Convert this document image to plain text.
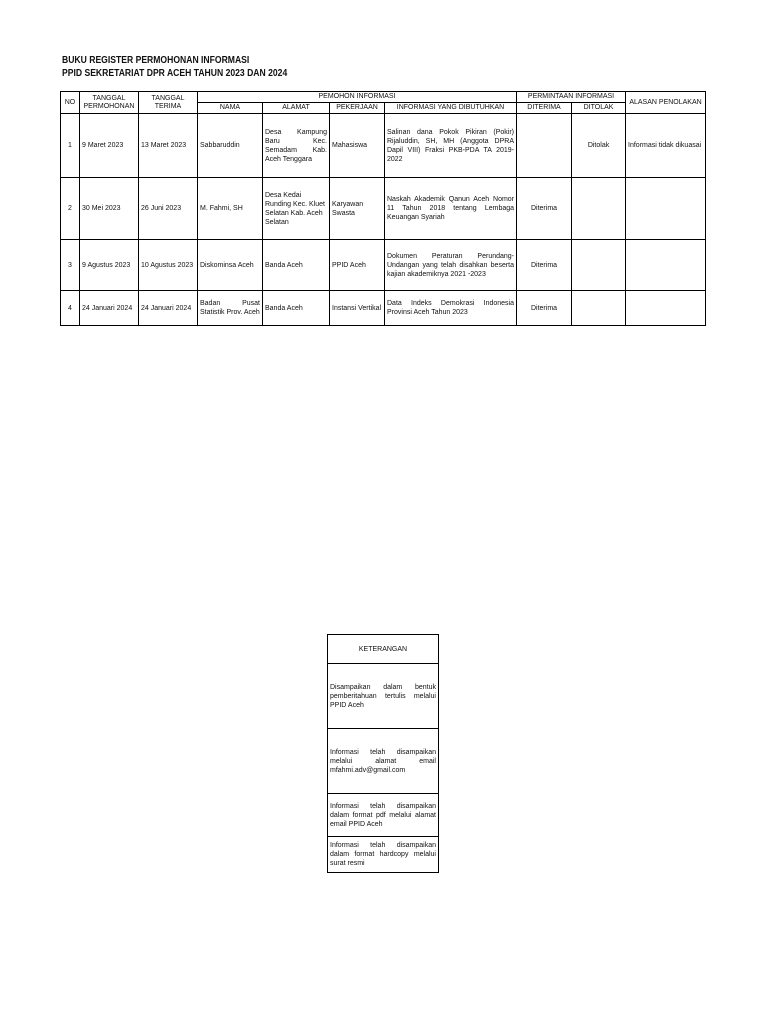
BUKU REGISTER PERMOHONAN INFORMASI
PPID SEKRETARIAT DPR ACEH TAHUN 2023 DAN 2024
NO	TANGGAL PERMOHONAN	TANGGAL TERIMA	PEMOHON INFORMASI				PERMINTAAN INFORMASI		ALASAN PENOLAKAN
			NAMA	ALAMAT	PEKERJAAN	INFORMASI YANG DIBUTUHKAN	DITERIMA	DITOLAK	
1	9 Maret 2023	13 Maret 2023	Sabbaruddin	Desa Kampung Baru Kec. Semadam Kab. Aceh Tenggara	Mahasiswa	Salinan dana Pokok Pikiran (Pokir) Rijaluddin, SH, MH (Anggota DPRA Dapil VIII) Fraksi PKB-PDA TA 2019-2022		Ditolak	Informasi tidak dikuasai
2	30 Mei 2023	26 Juni 2023	M. Fahmi, SH	Desa Kedai Runding Kec. Kluet Selatan Kab. Aceh Selatan	Karyawan Swasta	Naskah Akademik Qanun Aceh Nomor 11 Tahun 2018 tentang Lembaga Keuangan Syariah	Diterima		
3	9 Agustus 2023	10 Agustus 2023	Diskominsa Aceh	Banda Aceh	PPID Aceh	Dokumen Peraturan Perundang-Undangan yang telah disahkan beserta kajian akademiknya 2021 -2023	Diterima		
4	24 Januari 2024	24 Januari 2024	Badan Pusat Statistik Prov. Aceh	Banda Aceh	Instansi Vertikal	Data Indeks Demokrasi Indonesia Provinsi Aceh Tahun 2023	Diterima		
KETERANGAN
Disampaikan dalam bentuk pemberitahuan tertulis melalui PPID Aceh
Informasi telah disampaikan melalui alamat email mfahmi.adv@gmail.com
Informasi telah disampaikan dalam format pdf melalui alamat email PPID Aceh
Informasi telah disampaikan dalam format hardcopy melalui surat resmi
